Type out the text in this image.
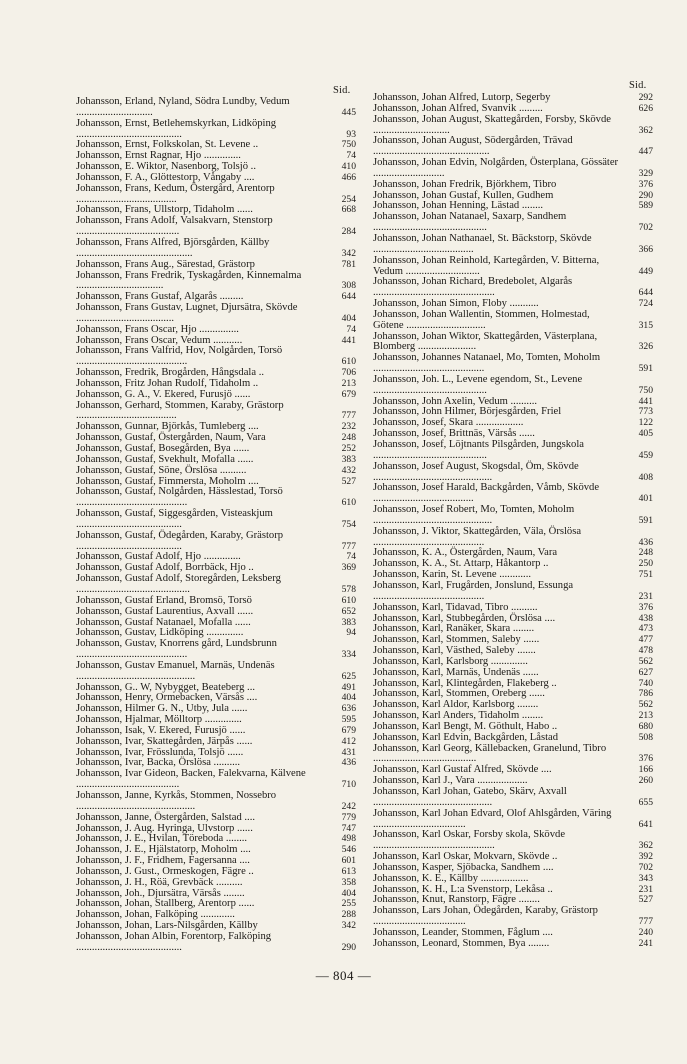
Sid.	Sid.
Johansson, Erland, Nyland, Södra Lundby, Vedum .............................	445
Johansson, Ernst, Betlehemskyrkan, Lidköping ........................................	93
Johansson, Ernst, Folkskolan, St. Levene ..	750
Johansson, Ernst Ragnar, Hjo ..............	74
Johansson, E. Wiktor, Nasenborg, Tolsjö ..	410
Johansson, F. A., Glöttestorp, Vångaby ....	466
Johansson, Frans, Kedum, Östergård, Arentorp ......................................	254
Johansson, Frans, Ullstorp, Tidaholm ......	668
Johansson, Frans Adolf, Valsakvarn, Stenstorp .......................................	284
Johansson, Frans Alfred, Björsgården, Källby ............................................	342
Johansson, Frans Aug., Särestad, Grästorp	781
Johansson, Frans Fredrik, Tyskagården, Kinnemalma .................................	308
Johansson, Frans Gustaf, Algarås .........	644
Johansson, Frans Gustav, Lugnet, Djursätra, Skövde .....................................	404
Johansson, Frans Oscar, Hjo ...............	74
Johansson, Frans Oscar, Vedum ...........	441
Johansson, Frans Valfrid, Hov, Nolgården, Torsö ..........................................	610
Johansson, Fredrik, Brogården, Hångsdala ..	706
Johansson, Fritz Johan Rudolf, Tidaholm ..	213
Johansson, G. A., V. Ekered, Furusjö ......	679
Johansson, Gerhard, Stommen, Karaby, Grästorp ......................................	777
Johansson, Gunnar, Björkås, Tumleberg ....	232
Johansson, Gustaf, Östergården, Naum, Vara	248
Johansson, Gustaf, Bosegården, Bya ......	252
Johansson, Gustaf, Svekhult, Mofalla ......	383
Johansson, Gustaf, Söne, Örslösa ..........	432
Johansson, Gustaf, Fimmersta, Moholm ....	527
Johansson, Gustaf, Nolgården, Hässlestad, Torsö ..........................................	610
Johansson, Gustaf, Siggesgården, Visteaskjum ........................................	754
Johansson, Gustaf, Ödegården, Karaby, Grästorp ........................................	777
Johansson, Gustaf Adolf, Hjo ..............	74
Johansson, Gustaf Adolf, Borrbäck, Hjo ..	369
Johansson, Gustaf Adolf, Storegården, Leksberg ...........................................	578
Johansson, Gustaf Erland, Bromsö, Torsö	610
Johansson, Gustaf Laurentius, Axvall ......	652
Johansson, Gustaf Natanael, Mofalla ......	383
Johansson, Gustav, Lidköping ..............	94
Johansson, Gustav, Knorrens gård, Lundsbrunn ..........................................	334
Johansson, Gustav Emanuel, Marnäs, Undenäs .............................................	625
Johansson, G.. W, Nybygget, Beateberg ...	491
Johansson, Henry, Ormebacken, Värsås ....	404
Johansson, Hilmer G. N., Utby, Jula ......	636
Johansson, Hjalmar, Mölltorp ..............	595
Johansson, Isak, V. Ekered, Furusjö ......	679
Johansson, Ivar, Skattegården, Järpås ......	412
Johansson, Ivar, Frösslunda, Tolsjö ......	431
Johansson, Ivar, Backa, Örslösa ..........	436
Johansson, Ivar Gideon, Backen, Falekvarna, Kälvene .......................................	710
Johansson, Janne, Kyrkås, Stommen, Nossebro .............................................	242
Johansson, Janne, Östergården, Salstad ....	779
Johansson, J. Aug. Hyringa, Ulvstorp ......	747
Johansson, J. E., Hvilan, Töreboda ........	498
Johansson, J. E., Hjälstatorp, Moholm ....	546
Johansson, J. F., Fridhem, Fagersanna ....	601
Johansson, J. Gust., Ormeskogen, Fägre ..	613
Johansson, J. H., Röä, Grevbäck ..........	358
Johansson, Joh., Djursätra, Värsås ........	404
Johansson, Johan, Stallberg, Arentorp ......	255
Johansson, Johan, Falköping .............	288
Johansson, Johan, Lars-Nilsgården, Källby	342
Johansson, Johan Albin, Forentorp, Falköping ........................................	290
Johansson, Johan Alfred, Lutorp, Segerby	292
Johansson, Johan Alfred, Svanvik .........	626
Johansson, Johan August, Skattegården, Forsby, Skövde .............................	362
Johansson, Johan August, Södergården, Trävad ............................................	447
Johansson, Johan Edvin, Nolgården, Österplana, Gössäter ...........................	329
Johansson, Johan Fredrik, Björkhem, Tibro	376
Johansson, Johan Gustaf, Kullen, Gudhem	290
Johansson, Johan Henning, Lästad ........	589
Johansson, Johan Natanael, Saxarp, Sandhem ...........................................	702
Johansson, Johan Nathanael, St. Bäckstorp, Skövde ......................................	366
Johansson, Johan Reinhold, Kartegården, V. Bitterna, Vedum ............................	449
Johansson, Johan Richard, Bredebolet, Algarås ..............................................	644
Johansson, Johan Simon, Floby ...........	724
Johansson, Johan Wallentin, Stommen, Holmestad, Götene ..............................	315
Johansson, Johan Wiktor, Skattegården, Västerplana, Blomberg ......................	326
Johansson, Johannes Natanael, Mo, Tomten, Moholm ..........................................	591
Johansson, Joh. L., Levene egendom, St., Levene ...........................................	750
Johansson, John Axelin, Vedum ..........	441
Johansson, John Hilmer, Börjesgården, Friel	773
Johansson, Josef, Skara ..................	122
Johansson, Josef, Brittnäs, Värsås ......	405
Johansson, Josef, Löjtnants Pilsgården, Jungskola ...........................................	459
Johansson, Josef August, Skogsdal, Öm, Skövde .............................................	408
Johansson, Josef Harald, Backgården, Våmb, Skövde ......................................	401
Johansson, Josef Robert, Mo, Tomten, Moholm .............................................	591
Johansson, J. Viktor, Skattegården, Väla, Örslösa ..........................................	436
Johansson, K. A., Östergården, Naum, Vara	248
Johansson, K. A., St. Attarp, Håkantorp ..	250
Johansson, Karin, St. Levene ............	751
Johansson, Karl, Frugården, Jonslund, Essunga ..........................................	231
Johansson, Karl, Tidavad, Tibro ..........	376
Johansson, Karl, Stubbegården, Örslösa ....	438
Johansson, Karl, Ranäker, Skara ........	473
Johansson, Karl, Stommen, Saleby ......	477
Johansson, Karl, Västhed, Saleby .......	478
Johansson, Karl, Karlsborg ..............	562
Johansson, Karl, Marnäs, Undenäs ......	627
Johansson, Karl, Klintegården, Flakeberg ..	740
Johansson, Karl, Stommen, Oreberg ......	786
Johansson, Karl Aldor, Karlsborg ........	562
Johansson, Karl Anders, Tidaholm ........	213
Johansson, Karl Bengt, M. Göthult, Habo ..	680
Johansson, Karl Edvin, Backgården, Låstad	508
Johansson, Karl Georg, Källebacken, Granelund, Tibro .......................................	376
Johansson, Karl Gustaf Alfred, Skövde ....	166
Johansson, Karl J., Vara ...................	260
Johansson, Karl Johan, Gatebo, Skärv, Axvall .............................................	655
Johansson, Karl Johan Edvard, Olof Ahlsgården, Väring ...................................	641
Johansson, Karl Oskar, Forsby skola, Skövde ..............................................	362
Johansson, Karl Oskar, Mokvarn, Skövde ..	392
Johansson, Kasper, Sjöbacka, Sandhem ....	702
Johansson, K. E., Källby ..................	343
Johansson, K. H., L:a Svenstorp, Lekåsa ..	231
Johansson, Knut, Ranstorp, Fägre ........	527
Johansson, Lars Johan, Ödegården, Karaby, Grästorp ...................................	777
Johansson, Leander, Stommen, Fåglum ....	240
Johansson, Leonard, Stommen, Bya ........	241
— 804 —
